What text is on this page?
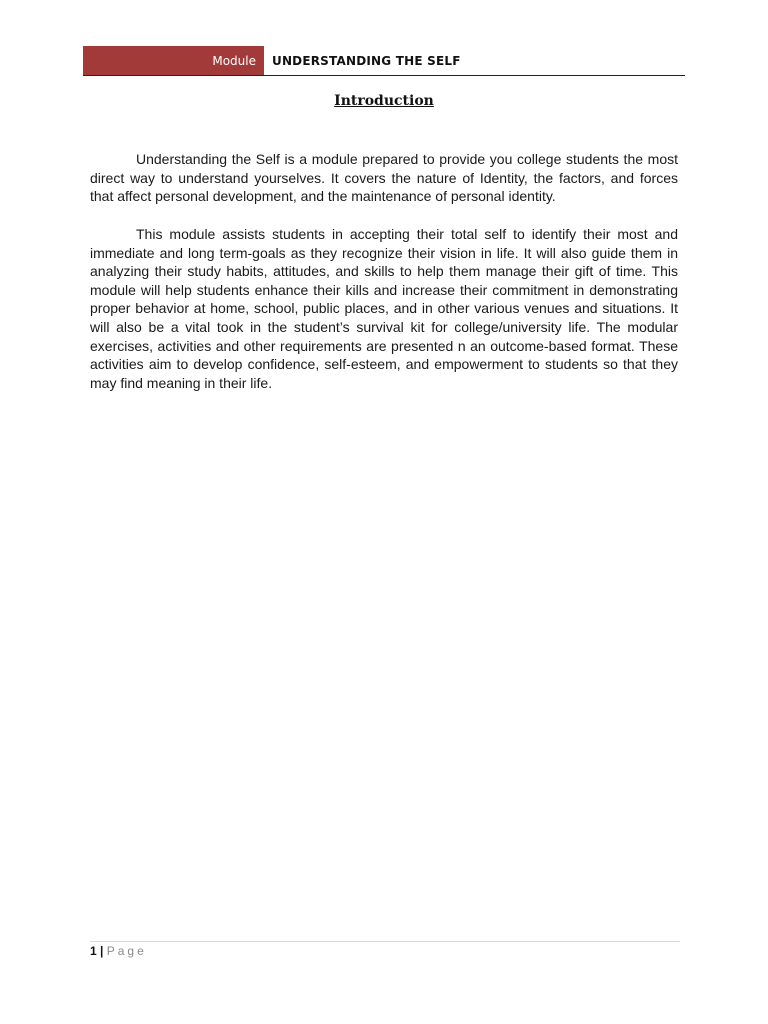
Module	UNDERSTANDING THE SELF
Introduction

Understanding the Self is a module prepared to provide you college students the most direct way to understand yourselves. It covers the nature of Identity, the factors, and forces that affect personal development, and the maintenance of personal identity.

This module assists students in accepting their total self to identify their most and immediate and long term-goals as they recognize their vision in life. It will also guide them in analyzing their study habits, attitudes, and skills to help them manage their gift of time. This module will help students enhance their kills and increase their commitment in demonstrating proper behavior at home, school, public places, and in other various venues and situations. It will also be a vital took in the student’s survival kit for college/university life. The modular exercises, activities and other requirements are presented n an outcome-based format. These activities aim to develop confidence, self-esteem, and empowerment to students so that they may find meaning in their life.

1 | Page
